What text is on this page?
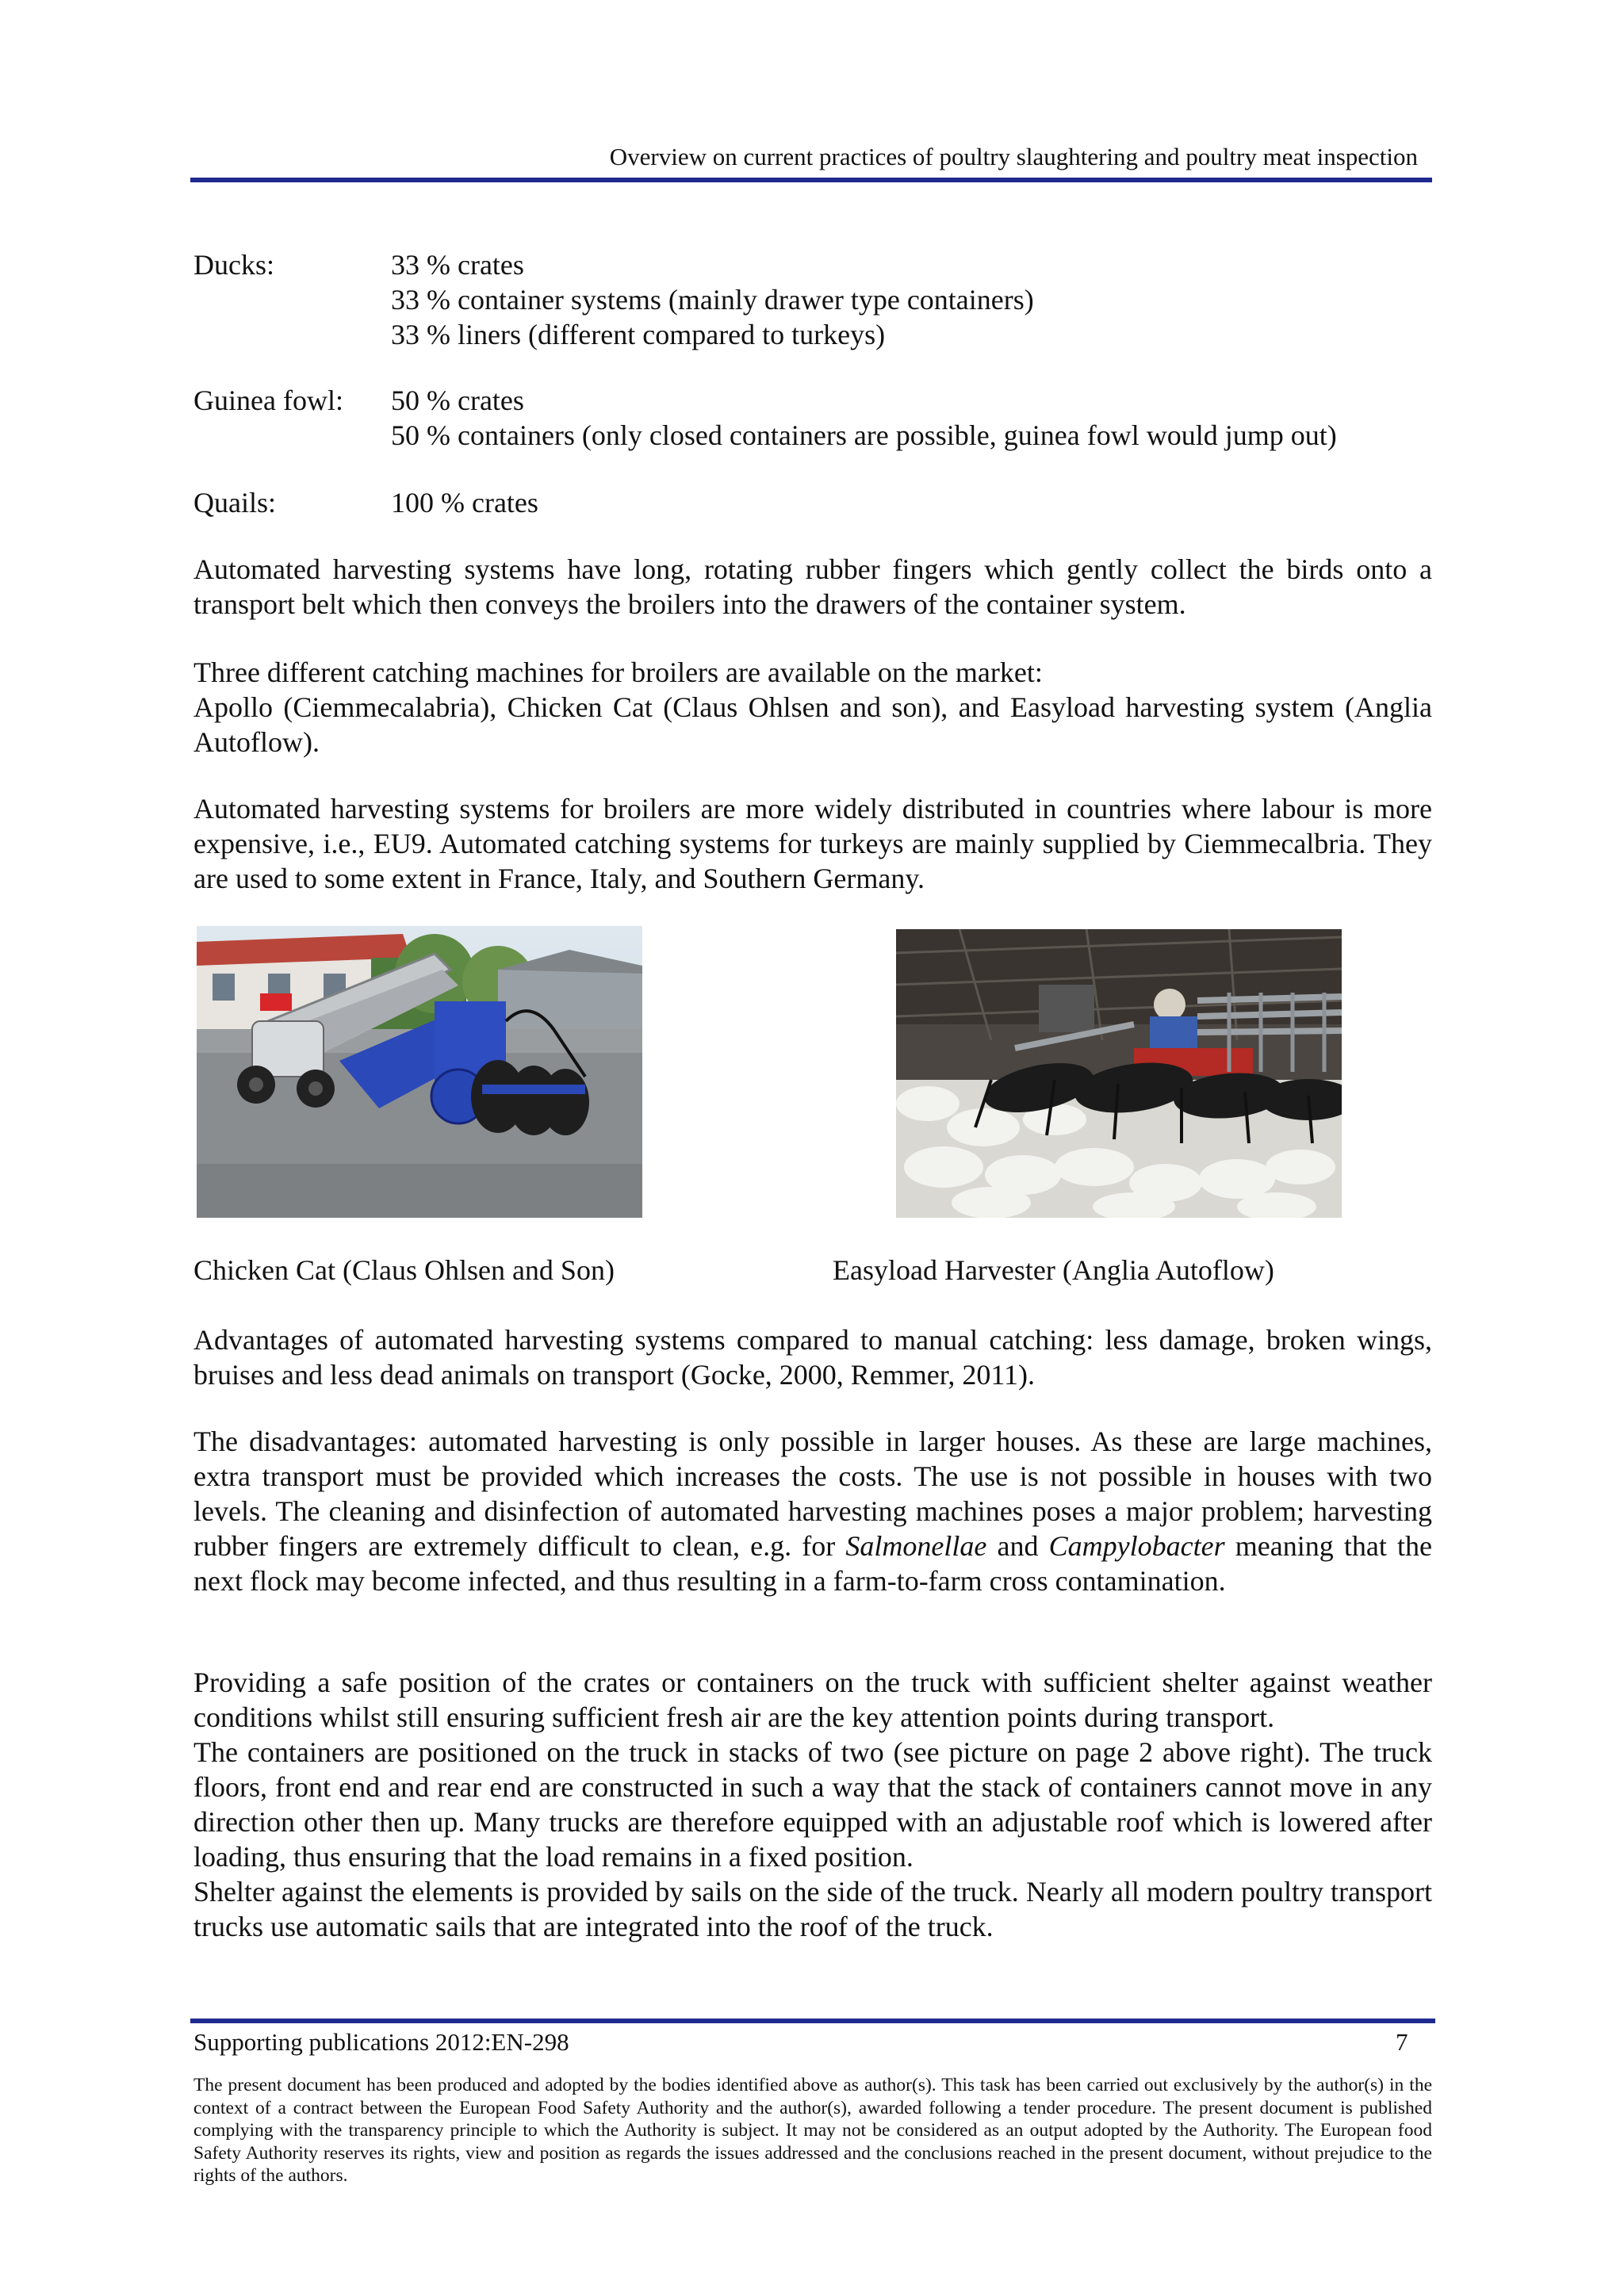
Overview on current practices of poultry slaughtering and poultry meat inspection
Ducks:	33 % crates
33 % container systems (mainly drawer type containers)
33 % liners (different compared to turkeys)
Guinea fowl: 50 % crates
50 % containers (only closed containers are possible, guinea fowl would jump out)
Quails:	100 % crates

Automated harvesting systems have long, rotating rubber fingers which gently collect the birds onto a transport belt which then conveys the broilers into the drawers of the container system.

Three different catching machines for broilers are available on the market:
Apollo (Ciemmecalabria), Chicken Cat (Claus Ohlsen and son), and Easyload harvesting system (Anglia Autoflow).

Automated harvesting systems for broilers are more widely distributed in countries where labour is more expensive, i.e., EU9. Automated catching systems for turkeys are mainly supplied by Ciemmecalbria. They are used to some extent in France, Italy, and Southern Germany.

Chicken Cat (Claus Ohlsen and Son)	Easyload Harvester (Anglia Autoflow)

Advantages of automated harvesting systems compared to manual catching: less damage, broken wings, bruises and less dead animals on transport (Gocke, 2000, Remmer, 2011).

The disadvantages: automated harvesting is only possible in larger houses. As these are large machines, extra transport must be provided which increases the costs. The use is not possible in houses with two levels. The cleaning and disinfection of automated harvesting machines poses a major problem; harvesting rubber fingers are extremely difficult to clean, e.g. for Salmonellae and Campylobacter meaning that the next flock may become infected, and thus resulting in a farm-to-farm cross contamination.

Providing a safe position of the crates or containers on the truck with sufficient shelter against weather conditions whilst still ensuring sufficient fresh air are the key attention points during transport.
The containers are positioned on the truck in stacks of two (see picture on page 2 above right). The truck floors, front end and rear end are constructed in such a way that the stack of containers cannot move in any direction other then up. Many trucks are therefore equipped with an adjustable roof which is lowered after loading, thus ensuring that the load remains in a fixed position.
Shelter against the elements is provided by sails on the side of the truck. Nearly all modern poultry transport trucks use automatic sails that are integrated into the roof of the truck.
Supporting publications 2012:EN-298	7
The present document has been produced and adopted by the bodies identified above as author(s). This task has been carried out exclusively by the author(s) in the context of a contract between the European Food Safety Authority and the author(s), awarded following a tender procedure. The present document is published complying with the transparency principle to which the Authority is subject. It may not be considered as an output adopted by the Authority. The European food Safety Authority reserves its rights, view and position as regards the issues addressed and the conclusions reached in the present document, without prejudice to the rights of the authors.
